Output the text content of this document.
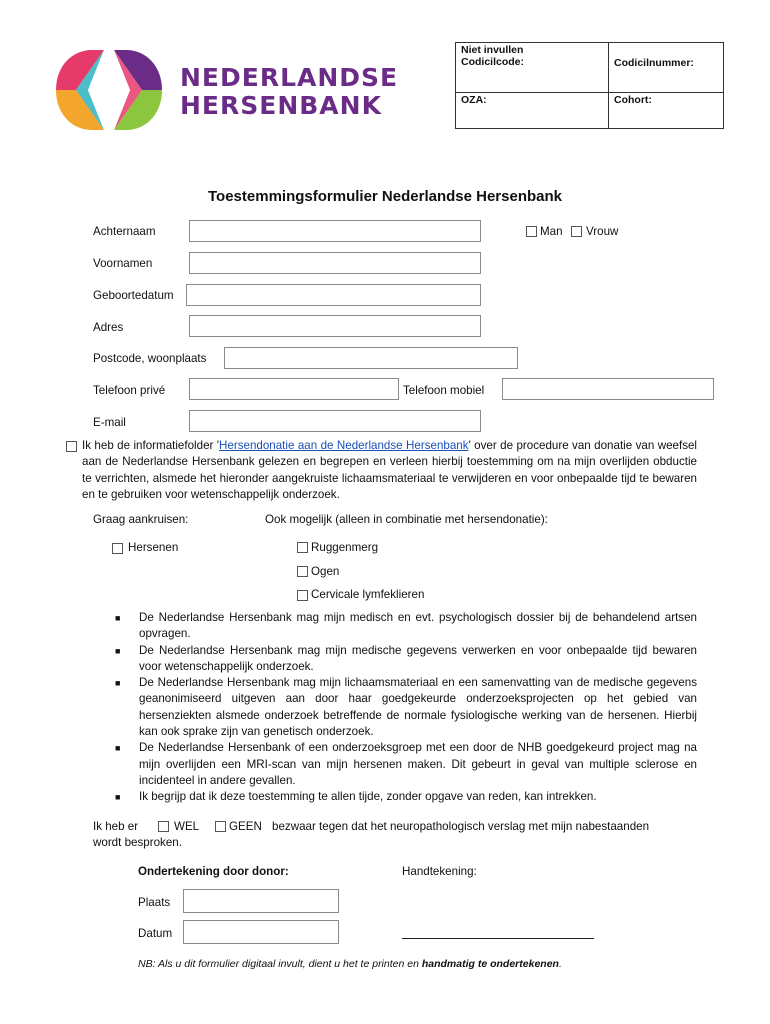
NEDERLANDSE
HERSENBANK
Niet invullen
Codicilcode:	Codicilnummer:

OZA:	Cohort:
Toestemmingsformulier Nederlandse Hersenbank
Achternaam	Man Vrouw
Voornamen
Geboortedatum
Adres
Postcode, woonplaats
Telefoon privé	Telefoon mobiel
E-mail
Ik heb de informatiefolder 'Hersendonatie aan de Nederlandse Hersenbank' over de procedure van donatie van weefsel aan de Nederlandse Hersenbank gelezen en begrepen en verleen hierbij toestemming om na mijn overlijden obductie te verrichten, alsmede het hieronder aangekruiste lichaamsmateriaal te verwijderen en voor onbepaalde tijd te bewaren en te gebruiken voor wetenschappelijk onderzoek.
Graag aankruisen:	Ook mogelijk (alleen in combinatie met hersendonatie):
Hersenen	Ruggenmerg
Ogen
Cervicale lymfeklieren
■ De Nederlandse Hersenbank mag mijn medisch en evt. psychologisch dossier bij de behandelend artsen opvragen.
■ De Nederlandse Hersenbank mag mijn medische gegevens verwerken en voor onbepaalde tijd bewaren voor wetenschappelijk onderzoek.
■ De Nederlandse Hersenbank mag mijn lichaamsmateriaal en een samenvatting van de medische gegevens geanonimiseerd uitgeven aan door haar goedgekeurde onderzoeksprojecten op het gebied van hersenziekten alsmede onderzoek betreffende de normale fysiologische werking van de hersenen. Hierbij kan ook sprake zijn van genetisch onderzoek.
■ De Nederlandse Hersenbank of een onderzoeksgroep met een door de NHB goedgekeurd project mag na mijn overlijden een MRI-scan van mijn hersenen maken. Dit gebeurt in geval van multiple sclerose en incidenteel in andere gevallen.
■ Ik begrijp dat ik deze toestemming te allen tijde, zonder opgave van reden, kan intrekken.
Ik heb er	WEL	GEEN bezwaar tegen dat het neuropathologisch verslag met mijn nabestaanden
wordt besproken.
Ondertekening door donor:	Handtekening:
Plaats
Datum
NB: Als u dit formulier digitaal invult, dient u het te printen en handmatig te ondertekenen.
